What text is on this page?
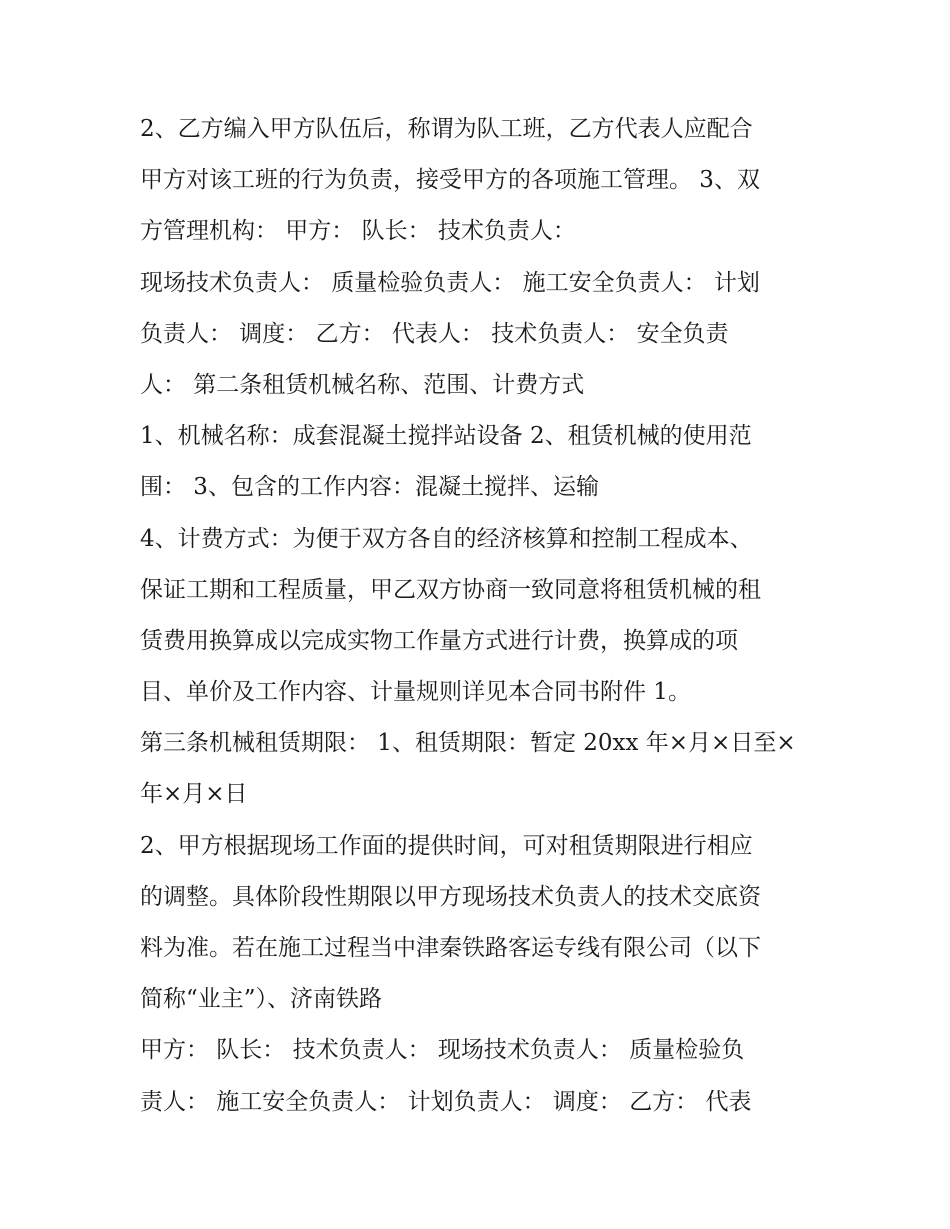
2、乙方编入甲方队伍后，称谓为队工班，乙方代表人应配合
甲方对该工班的行为负责，接受甲方的各项施工管理。 3、双
方管理机构： 甲方： 队长： 技术负责人：
现场技术负责人： 质量检验负责人： 施工安全负责人： 计划
负责人： 调度： 乙方： 代表人： 技术负责人： 安全负责
人： 第二条租赁机械名称、范围、计费方式
1、机械名称：成套混凝土搅拌站设备 2、租赁机械的使用范
围： 3、包含的工作内容：混凝土搅拌、运输
4、计费方式：为便于双方各自的经济核算和控制工程成本、
保证工期和工程质量，甲乙双方协商一致同意将租赁机械的租
赁费用换算成以完成实物工作量方式进行计费，换算成的项
目、单价及工作内容、计量规则详见本合同书附件 1。
第三条机械租赁期限： 1、租赁期限：暂定 20xx 年×月×日至×
年×月×日
2、甲方根据现场工作面的提供时间，可对租赁期限进行相应
的调整。具体阶段性期限以甲方现场技术负责人的技术交底资
料为准。若在施工过程当中津秦铁路客运专线有限公司（以下
简称“业主”）、济南铁路
甲方： 队长： 技术负责人： 现场技术负责人： 质量检验负
责人： 施工安全负责人： 计划负责人： 调度： 乙方： 代表
